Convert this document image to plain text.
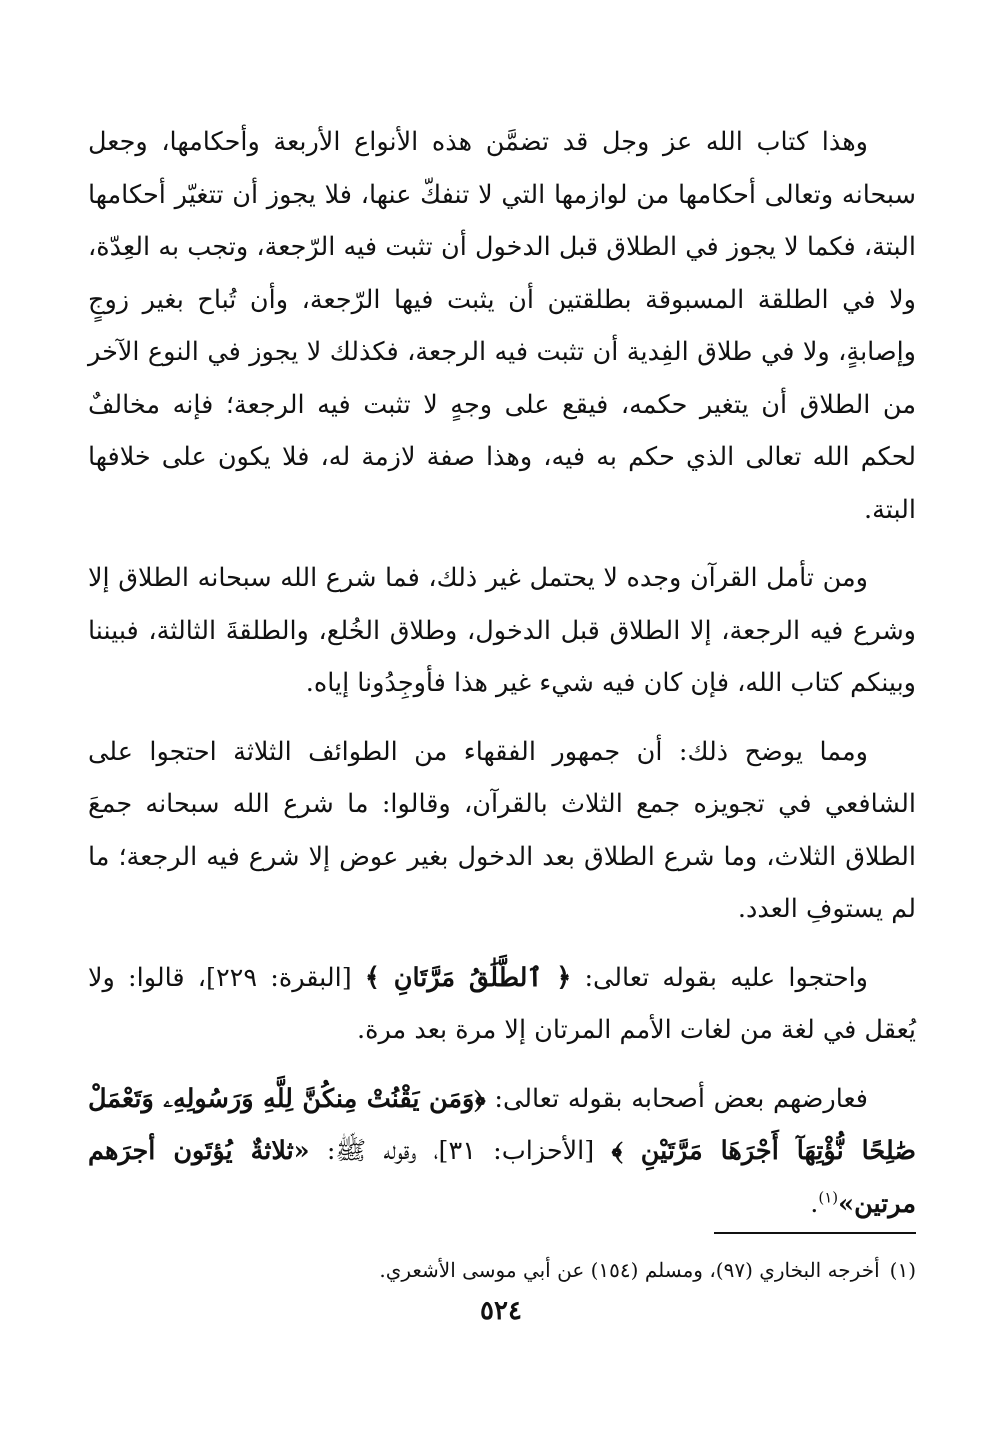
وهذا كتاب الله عز وجل قد تضمَّن هذه الأنواع الأربعة وأحكامها، وجعل سبحانه وتعالى أحكامها من لوازمها التي لا تنفكّ عنها، فلا يجوز أن تتغيّر أحكامها البتة، فكما لا يجوز في الطلاق قبل الدخول أن تثبت فيه الرّجعة، وتجب به العِدّة، ولا في الطلقة المسبوقة بطلقتين أن يثبت فيها الرّجعة، وأن تُباح بغير زوجٍ وإصابةٍ، ولا في طلاق الفِدية أن تثبت فيه الرجعة، فكذلك لا يجوز في النوع الآخر من الطلاق أن يتغير حكمه، فيقع على وجهٍ لا تثبت فيه الرجعة؛ فإنه مخالفٌ لحكم الله تعالى الذي حكم به فيه، وهذا صفة لازمة له، فلا يكون على خلافها البتة.

ومن تأمل القرآن وجده لا يحتمل غير ذلك، فما شرع الله سبحانه الطلاق إلا وشرع فيه الرجعة، إلا الطلاق قبل الدخول، وطلاق الخُلع، والطلقةَ الثالثة، فبيننا وبينكم كتاب الله، فإن كان فيه شيء غير هذا فأوجِدُونا إياه.

ومما يوضح ذلك: أن جمهور الفقهاء من الطوائف الثلاثة احتجوا على الشافعي في تجويزه جمع الثلاث بالقرآن، وقالوا: ما شرع الله سبحانه جمعَ الطلاق الثلاث، وما شرع الطلاق بعد الدخول بغير عوض إلا شرع فيه الرجعة؛ ما لم يستوفِ العدد.

واحتجوا عليه بقوله تعالى: ﴿ ٱلطَّلَٰقُ مَرَّتَانِ ﴾ [البقرة: ٢٢٩]، قالوا: ولا يُعقل في لغة من لغات الأمم المرتان إلا مرة بعد مرة.

فعارضهم بعض أصحابه بقوله تعالى: ﴿وَمَن يَقْنُتْ مِنكُنَّ لِلَّهِ وَرَسُولِهِۦ وَتَعْمَلْ صَٰلِحًا نُّؤْتِهَآ أَجْرَهَا مَرَّتَيْنِ ﴾ [الأحزاب: ٣١]، وقوله ﷺ: «ثلاثةٌ يُؤتَون أجرَهم مرتين»$^{(١)}$.

(١)أخرجه البخاري (٩٧)، ومسلم (١٥٤) عن أبي موسى الأشعري.

٥٢٤
